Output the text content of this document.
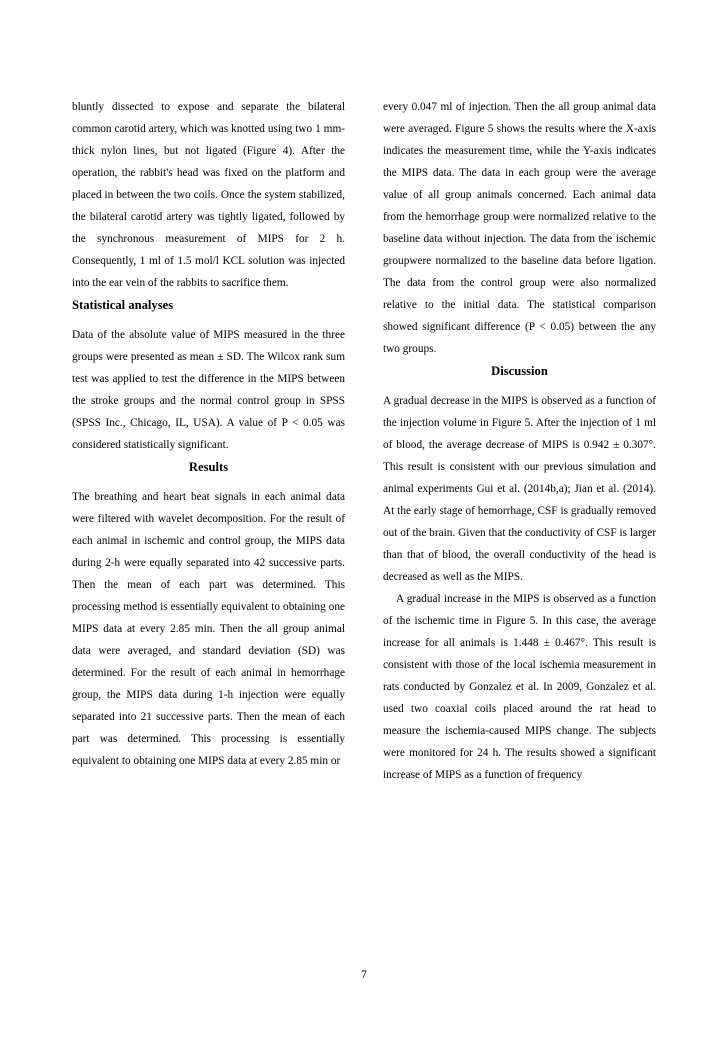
bluntly dissected to expose and separate the bilateral common carotid artery, which was knotted using two 1 mm-thick nylon lines, but not ligated (Figure 4). After the operation, the rabbit's head was fixed on the platform and placed in between the two coils. Once the system stabilized, the bilateral carotid artery was tightly ligated, followed by the synchronous measurement of MIPS for 2 h. Consequently, 1 ml of 1.5 mol/l KCL solution was injected into the ear vein of the rabbits to sacrifice them.

Statistical analyses

Data of the absolute value of MIPS measured in the three groups were presented as mean ± SD. The Wilcox rank sum test was applied to test the difference in the MIPS between the stroke groups and the normal control group in SPSS (SPSS Inc., Chicago, IL, USA). A value of P < 0.05 was considered statistically significant.

Results

The breathing and heart beat signals in each animal data were filtered with wavelet decomposition. For the result of each animal in ischemic and control group, the MIPS data during 2-h were equally separated into 42 successive parts. Then the mean of each part was determined. This processing method is essentially equivalent to obtaining one MIPS data at every 2.85 min. Then the all group animal data were averaged, and standard deviation (SD) was determined. For the result of each animal in hemorrhage group, the MIPS data during 1-h injection were equally separated into 21 successive parts. Then the mean of each part was determined. This processing is essentially equivalent to obtaining one MIPS data at every 2.85 min or

every 0.047 ml of injection. Then the all group animal data were averaged. Figure 5 shows the results where the X-axis indicates the measurement time, while the Y-axis indicates the MIPS data. The data in each group were the average value of all group animals concerned. Each animal data from the hemorrhage group were normalized relative to the baseline data without injection. The data from the ischemic groupwere normalized to the baseline data before ligation. The data from the control group were also normalized relative to the initial data. The statistical comparison showed significant difference (P < 0.05) between the any two groups.

Discussion

A gradual decrease in the MIPS is observed as a function of the injection volume in Figure 5. After the injection of 1 ml of blood, the average decrease of MIPS is 0.942 ± 0.307°. This result is consistent with our previous simulation and animal experiments Gui et al. (2014b,a); Jian et al. (2014). At the early stage of hemorrhage, CSF is gradually removed out of the brain. Given that the conductivity of CSF is larger than that of blood, the overall conductivity of the head is decreased as well as the MIPS.

A gradual increase in the MIPS is observed as a function of the ischemic time in Figure 5. In this case, the average increase for all animals is 1.448 ± 0.467°. This result is consistent with those of the local ischemia measurement in rats conducted by Gonzalez et al. In 2009, Gonzalez et al. used two coaxial coils placed around the rat head to measure the ischemia-caused MIPS change. The subjects were monitored for 24 h. The results showed a significant increase of MIPS as a function of frequency

7
